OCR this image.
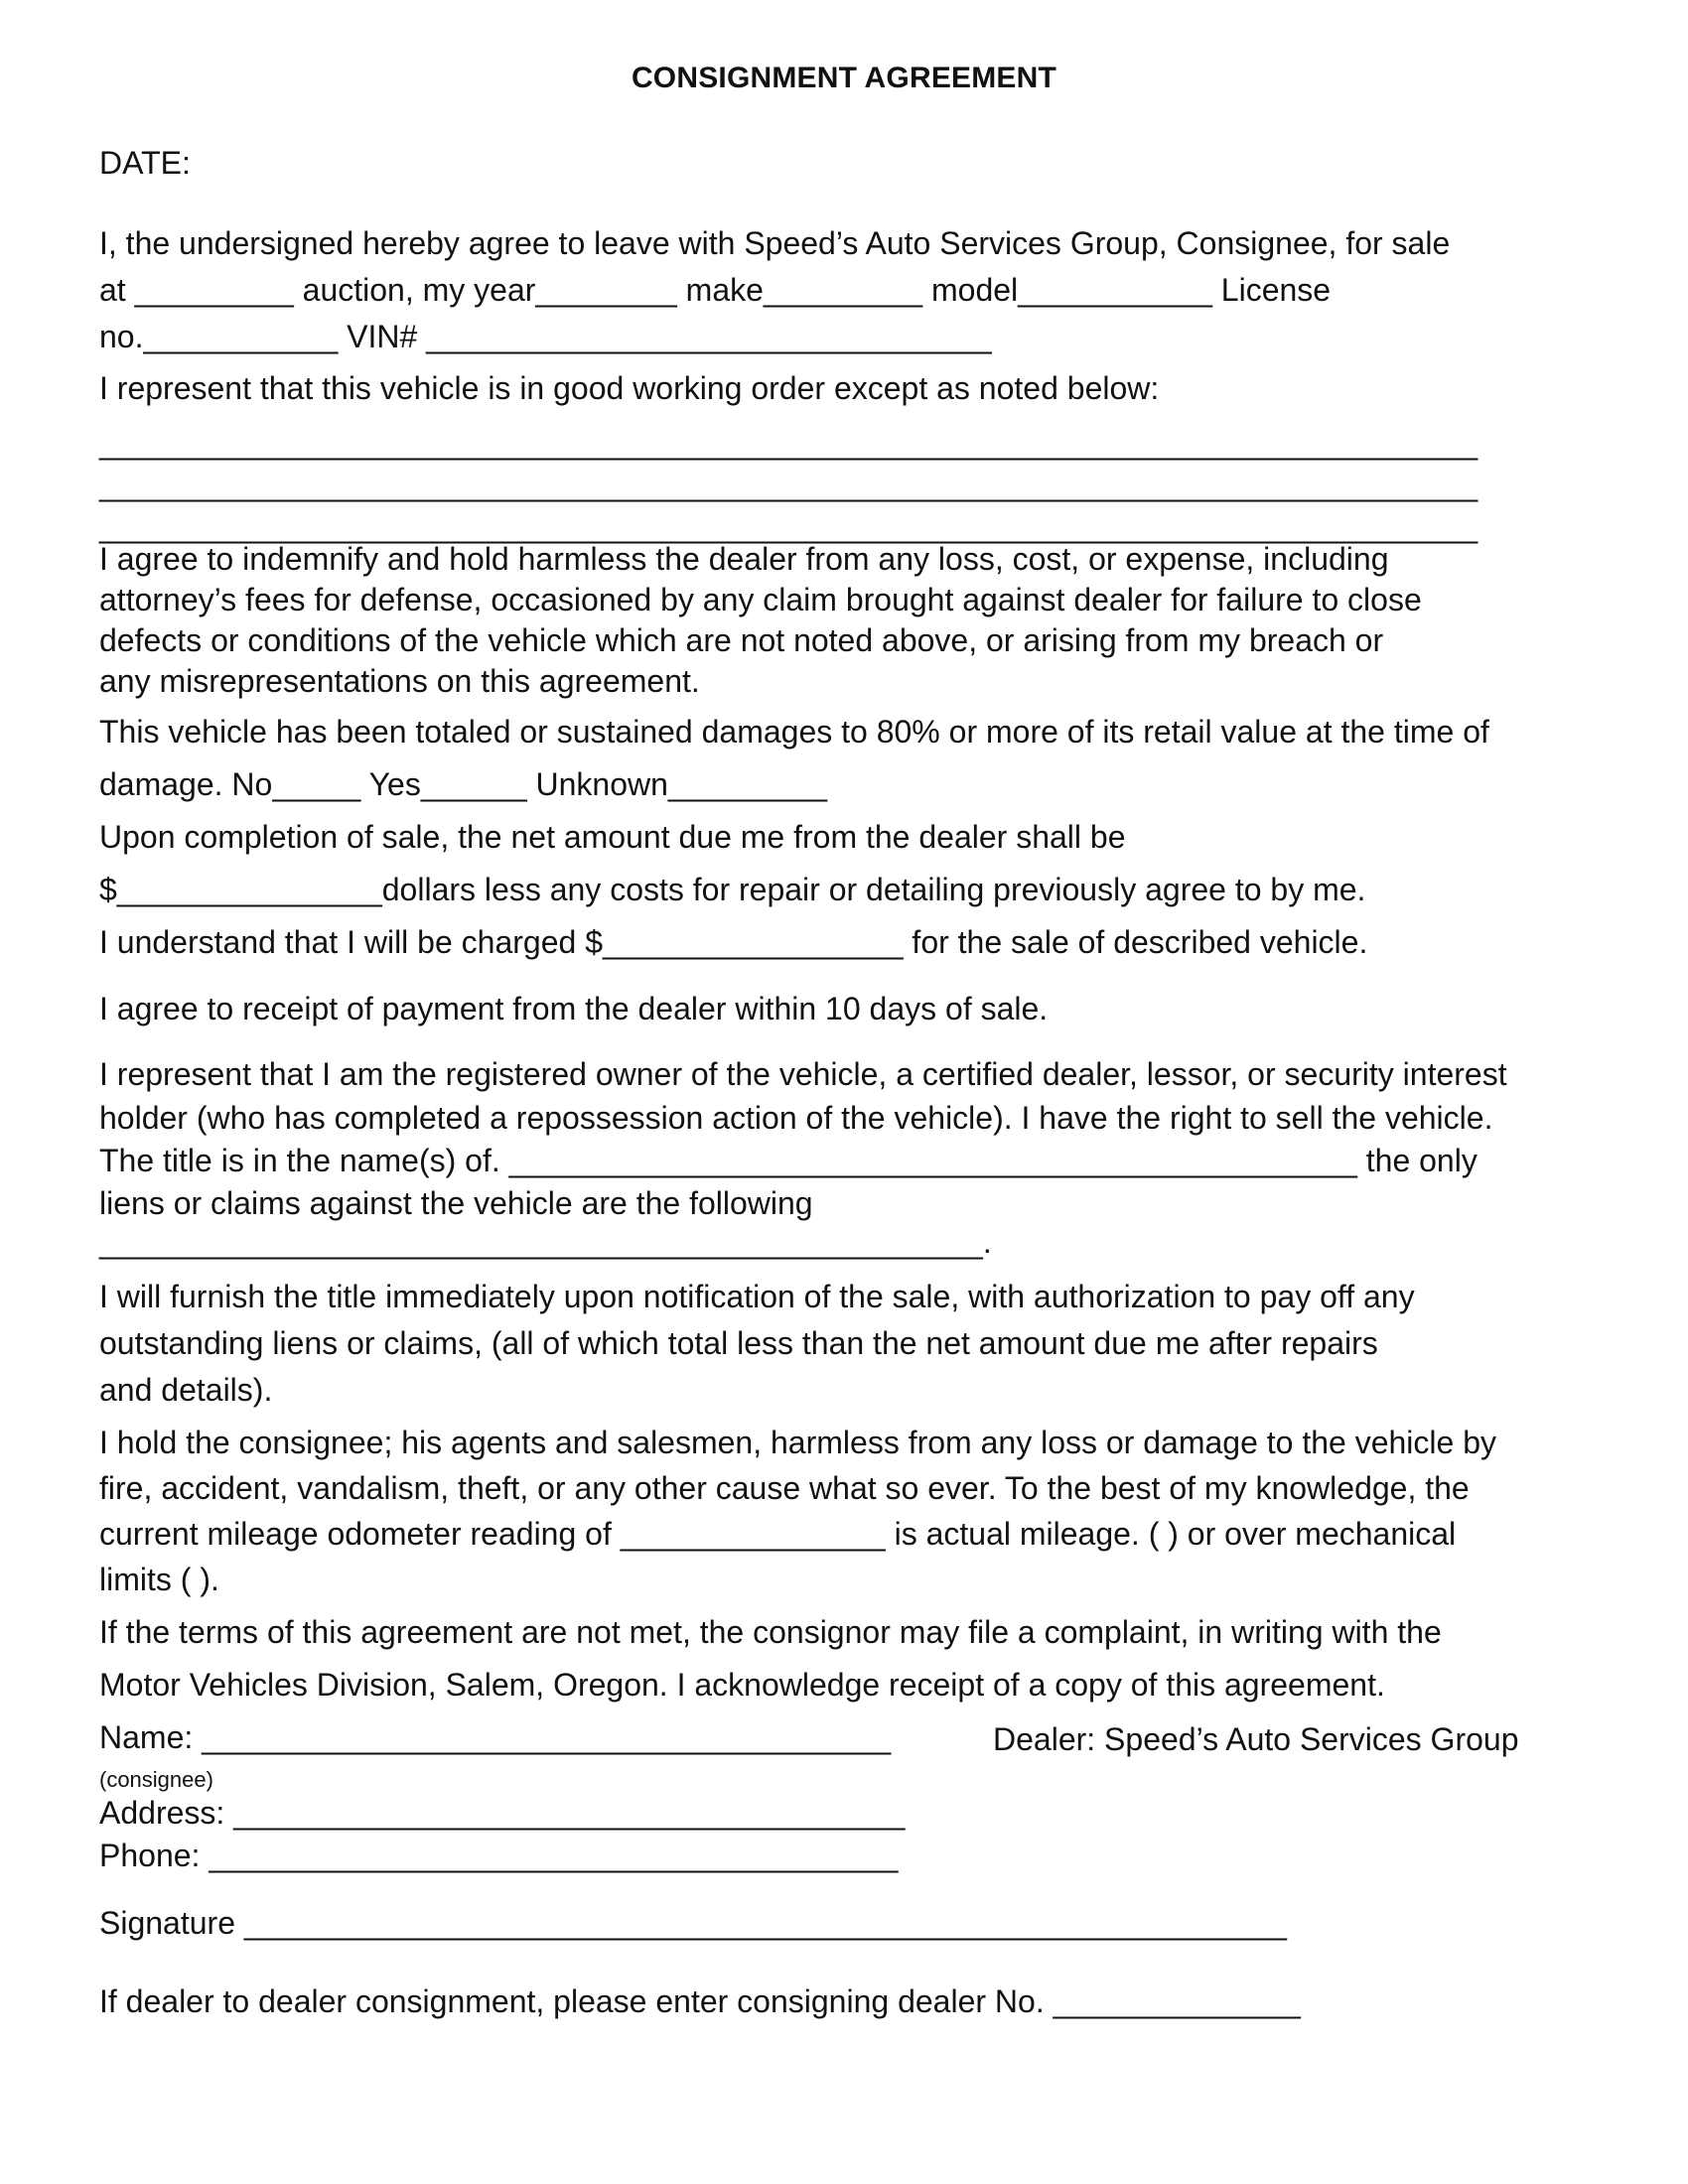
CONSIGNMENT AGREEMENT
DATE:
I, the undersigned hereby agree to leave with Speed’s Auto Services Group, Consignee, for sale
at _________ auction, my year________ make_________ model___________ License
no.___________ VIN# ________________________________
I represent that this vehicle is in good working order except as noted below:
______________________________________________________________________________
______________________________________________________________________________
______________________________________________________________________________
I agree to indemnify and hold harmless the dealer from any loss, cost, or expense, including
attorney’s fees for defense, occasioned by any claim brought against dealer for failure to close
defects or conditions of the vehicle which are not noted above, or arising from my breach or
any misrepresentations on this agreement.
This vehicle has been totaled or sustained damages to 80% or more of its retail value at the time of
damage. No_____ Yes______ Unknown_________
Upon completion of sale, the net amount due me from the dealer shall be
$_______________dollars less any costs for repair or detailing previously agree to by me.
I understand that I will be charged $_________________ for the sale of described vehicle.
I agree to receipt of payment from the dealer within 10 days of sale.
I represent that I am the registered owner of the vehicle, a certified dealer, lessor, or security interest
holder (who has completed a repossession action of the vehicle). I have the right to sell the vehicle.
The title is in the name(s) of. ________________________________________________ the only
liens or claims against the vehicle are the following
__________________________________________________.
I will furnish the title immediately upon notification of the sale, with authorization to pay off any
outstanding liens or claims, (all of which total less than the net amount due me after repairs
and details).
I hold the consignee; his agents and salesmen, harmless from any loss or damage to the vehicle by
fire, accident, vandalism, theft, or any other cause what so ever. To the best of my knowledge, the
current mileage odometer reading of _______________ is actual mileage. ( ) or over mechanical
limits ( ).
If the terms of this agreement are not met, the consignor may file a complaint, in writing with the
Motor Vehicles Division, Salem, Oregon. I acknowledge receipt of a copy of this agreement.
Name: _______________________________________	Dealer: Speed’s Auto Services Group
(consignee)
Address: ______________________________________
Phone: _______________________________________
Signature ___________________________________________________________
If dealer to dealer consignment, please enter consigning dealer No. ______________
